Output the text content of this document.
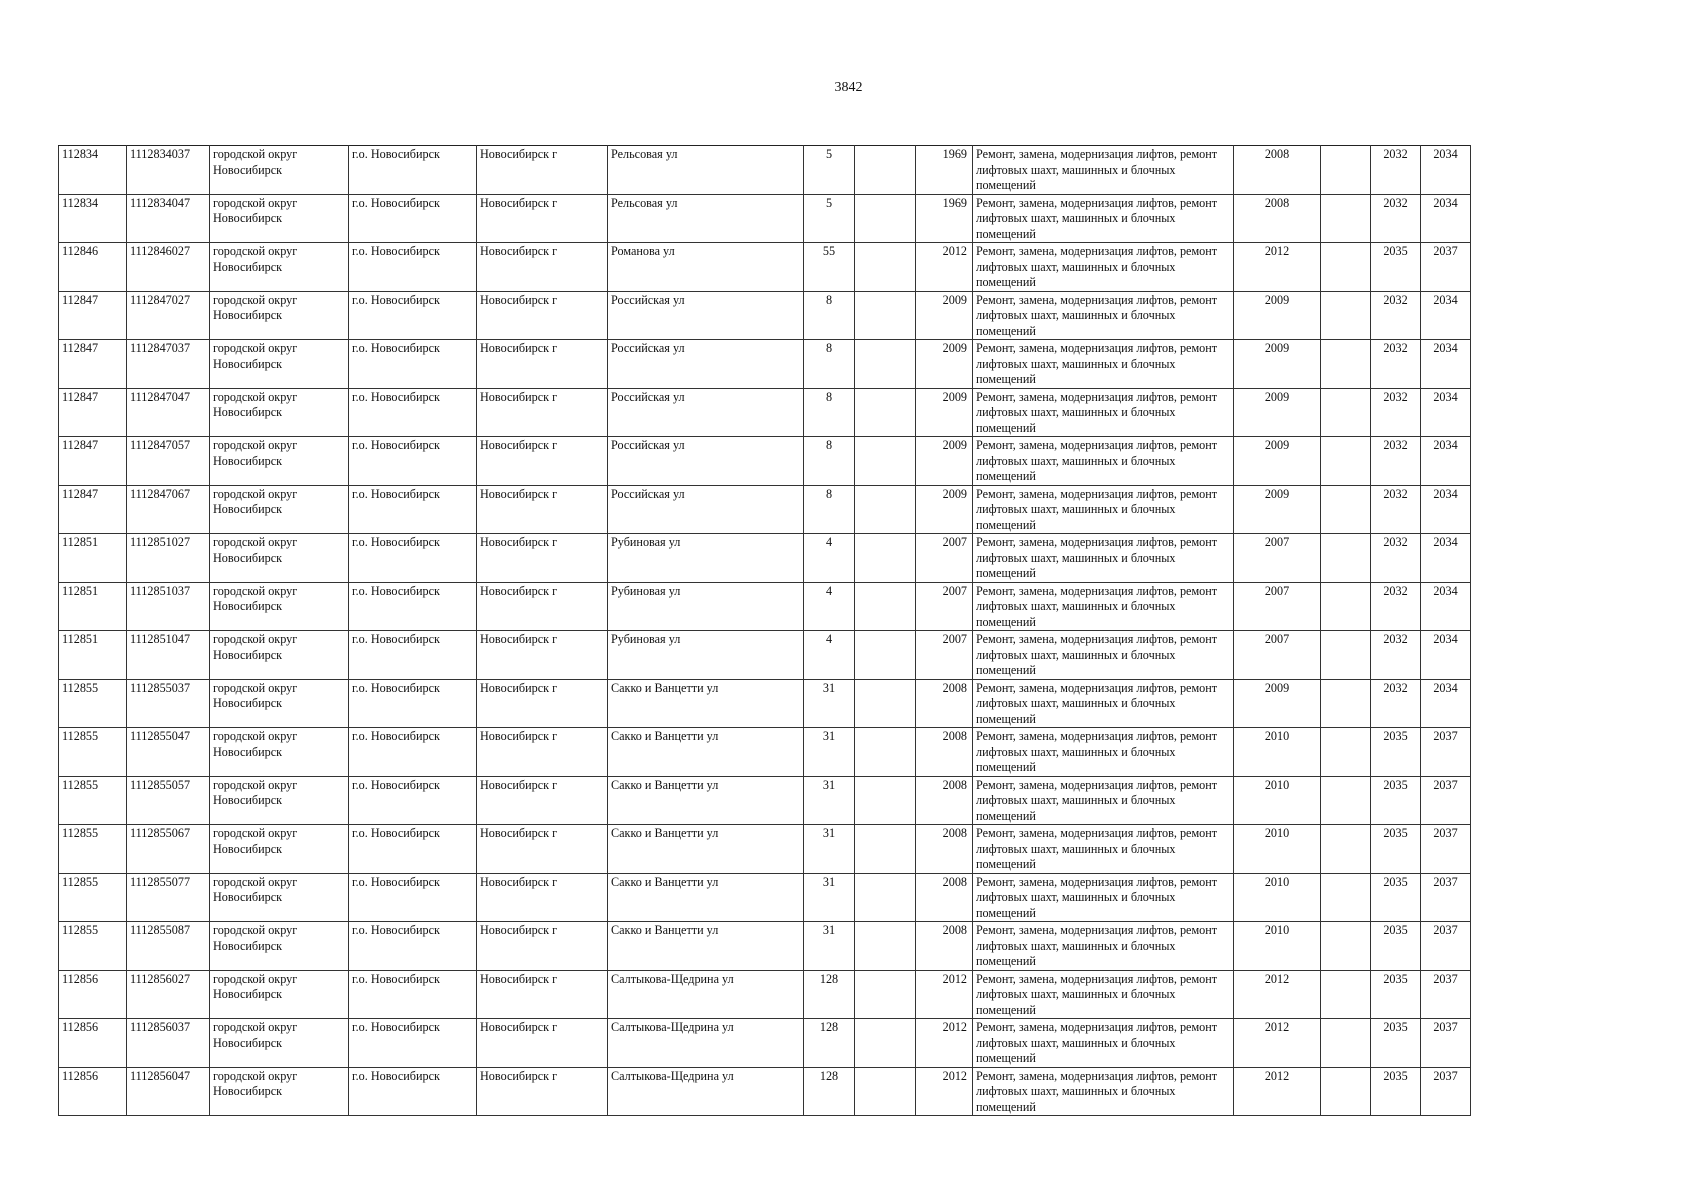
3842
112834	1112834037	городской округ Новосибирск	г.о. Новосибирск	Новосибирск г	Рельсовая ул	5		1969	Ремонт, замена, модернизация лифтов, ремонт лифтовых шахт, машинных и блочных помещений	2008		2032	2034
112834	1112834047	городской округ Новосибирск	г.о. Новосибирск	Новосибирск г	Рельсовая ул	5		1969	Ремонт, замена, модернизация лифтов, ремонт лифтовых шахт, машинных и блочных помещений	2008		2032	2034
112846	1112846027	городской округ Новосибирск	г.о. Новосибирск	Новосибирск г	Романова ул	55		2012	Ремонт, замена, модернизация лифтов, ремонт лифтовых шахт, машинных и блочных помещений	2012		2035	2037
112847	1112847027	городской округ Новосибирск	г.о. Новосибирск	Новосибирск г	Российская ул	8		2009	Ремонт, замена, модернизация лифтов, ремонт лифтовых шахт, машинных и блочных помещений	2009		2032	2034
112847	1112847037	городской округ Новосибирск	г.о. Новосибирск	Новосибирск г	Российская ул	8		2009	Ремонт, замена, модернизация лифтов, ремонт лифтовых шахт, машинных и блочных помещений	2009		2032	2034
112847	1112847047	городской округ Новосибирск	г.о. Новосибирск	Новосибирск г	Российская ул	8		2009	Ремонт, замена, модернизация лифтов, ремонт лифтовых шахт, машинных и блочных помещений	2009		2032	2034
112847	1112847057	городской округ Новосибирск	г.о. Новосибирск	Новосибирск г	Российская ул	8		2009	Ремонт, замена, модернизация лифтов, ремонт лифтовых шахт, машинных и блочных помещений	2009		2032	2034
112847	1112847067	городской округ Новосибирск	г.о. Новосибирск	Новосибирск г	Российская ул	8		2009	Ремонт, замена, модернизация лифтов, ремонт лифтовых шахт, машинных и блочных помещений	2009		2032	2034
112851	1112851027	городской округ Новосибирск	г.о. Новосибирск	Новосибирск г	Рубиновая ул	4		2007	Ремонт, замена, модернизация лифтов, ремонт лифтовых шахт, машинных и блочных помещений	2007		2032	2034
112851	1112851037	городской округ Новосибирск	г.о. Новосибирск	Новосибирск г	Рубиновая ул	4		2007	Ремонт, замена, модернизация лифтов, ремонт лифтовых шахт, машинных и блочных помещений	2007		2032	2034
112851	1112851047	городской округ Новосибирск	г.о. Новосибирск	Новосибирск г	Рубиновая ул	4		2007	Ремонт, замена, модернизация лифтов, ремонт лифтовых шахт, машинных и блочных помещений	2007		2032	2034
112855	1112855037	городской округ Новосибирск	г.о. Новосибирск	Новосибирск г	Сакко и Ванцетти ул	31		2008	Ремонт, замена, модернизация лифтов, ремонт лифтовых шахт, машинных и блочных помещений	2009		2032	2034
112855	1112855047	городской округ Новосибирск	г.о. Новосибирск	Новосибирск г	Сакко и Ванцетти ул	31		2008	Ремонт, замена, модернизация лифтов, ремонт лифтовых шахт, машинных и блочных помещений	2010		2035	2037
112855	1112855057	городской округ Новосибирск	г.о. Новосибирск	Новосибирск г	Сакко и Ванцетти ул	31		2008	Ремонт, замена, модернизация лифтов, ремонт лифтовых шахт, машинных и блочных помещений	2010		2035	2037
112855	1112855067	городской округ Новосибирск	г.о. Новосибирск	Новосибирск г	Сакко и Ванцетти ул	31		2008	Ремонт, замена, модернизация лифтов, ремонт лифтовых шахт, машинных и блочных помещений	2010		2035	2037
112855	1112855077	городской округ Новосибирск	г.о. Новосибирск	Новосибирск г	Сакко и Ванцетти ул	31		2008	Ремонт, замена, модернизация лифтов, ремонт лифтовых шахт, машинных и блочных помещений	2010		2035	2037
112855	1112855087	городской округ Новосибирск	г.о. Новосибирск	Новосибирск г	Сакко и Ванцетти ул	31		2008	Ремонт, замена, модернизация лифтов, ремонт лифтовых шахт, машинных и блочных помещений	2010		2035	2037
112856	1112856027	городской округ Новосибирск	г.о. Новосибирск	Новосибирск г	Салтыкова-Щедрина ул	128		2012	Ремонт, замена, модернизация лифтов, ремонт лифтовых шахт, машинных и блочных помещений	2012		2035	2037
112856	1112856037	городской округ Новосибирск	г.о. Новосибирск	Новосибирск г	Салтыкова-Щедрина ул	128		2012	Ремонт, замена, модернизация лифтов, ремонт лифтовых шахт, машинных и блочных помещений	2012		2035	2037
112856	1112856047	городской округ Новосибирск	г.о. Новосибирск	Новосибирск г	Салтыкова-Щедрина ул	128		2012	Ремонт, замена, модернизация лифтов, ремонт лифтовых шахт, машинных и блочных помещений	2012		2035	2037
